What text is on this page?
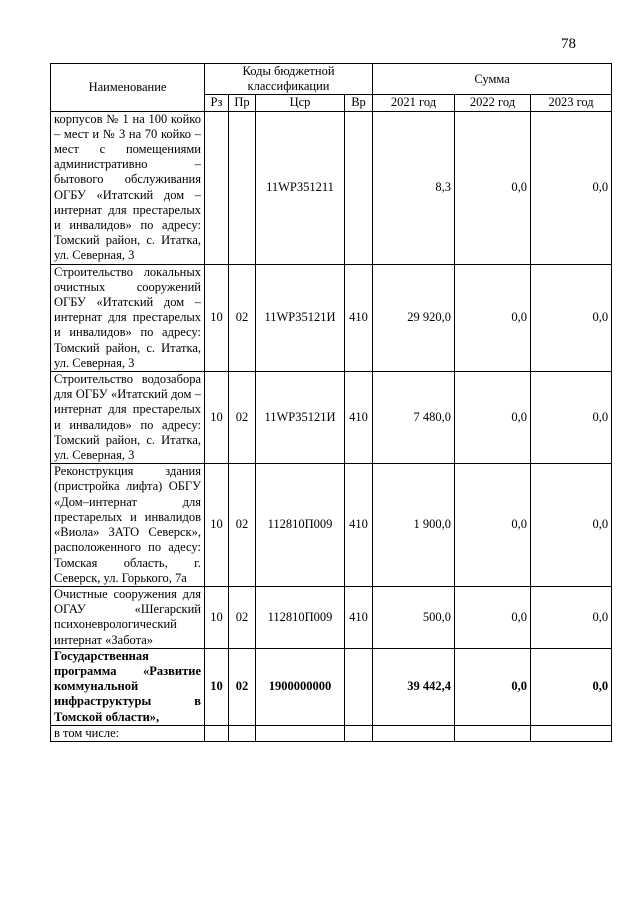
78
Наименование	Коды бюджетной классификации				Сумма		
	Рз	Пр	Цср	Вр	2021 год	2022 год	2023 год
корпусов № 1 на 100 койко – мест и № 3 на 70 койко – мест с помещениями административно – бытового обслуживания ОГБУ «Итатский дом – интернат для престарелых и инвалидов» по адресу: Томский район, с. Итатка, ул. Северная, 3			11WP351211		8,3	0,0	0,0
Строительство локальных очистных сооружений ОГБУ «Итатский дом – интернат для престарелых и инвалидов» по адресу: Томский район, с. Итатка, ул. Северная, 3	10	02	11WP35121И	410	29 920,0	0,0	0,0
Строительство водозабора для ОГБУ «Итатский дом – интернат для престарелых и инвалидов» по адресу: Томский район, с. Итатка, ул. Северная, 3	10	02	11WP35121И	410	7 480,0	0,0	0,0
Реконструкция здания (пристройка лифта) ОБГУ «Дом–интернат для престарелых и инвалидов «Виола» ЗАТО Северск», расположенного по адесу: Томская область, г. Северск, ул. Горького, 7а	10	02	112810П009	410	1 900,0	0,0	0,0
Очистные сооружения для ОГАУ «Шегарский психоневрологический интернат «Забота»	10	02	112810П009	410	500,0	0,0	0,0
Государственная программа «Развитие коммунальной инфраструктуры в Томской области»,	10	02	1900000000		39 442,4	0,0	0,0
в том числе:							
